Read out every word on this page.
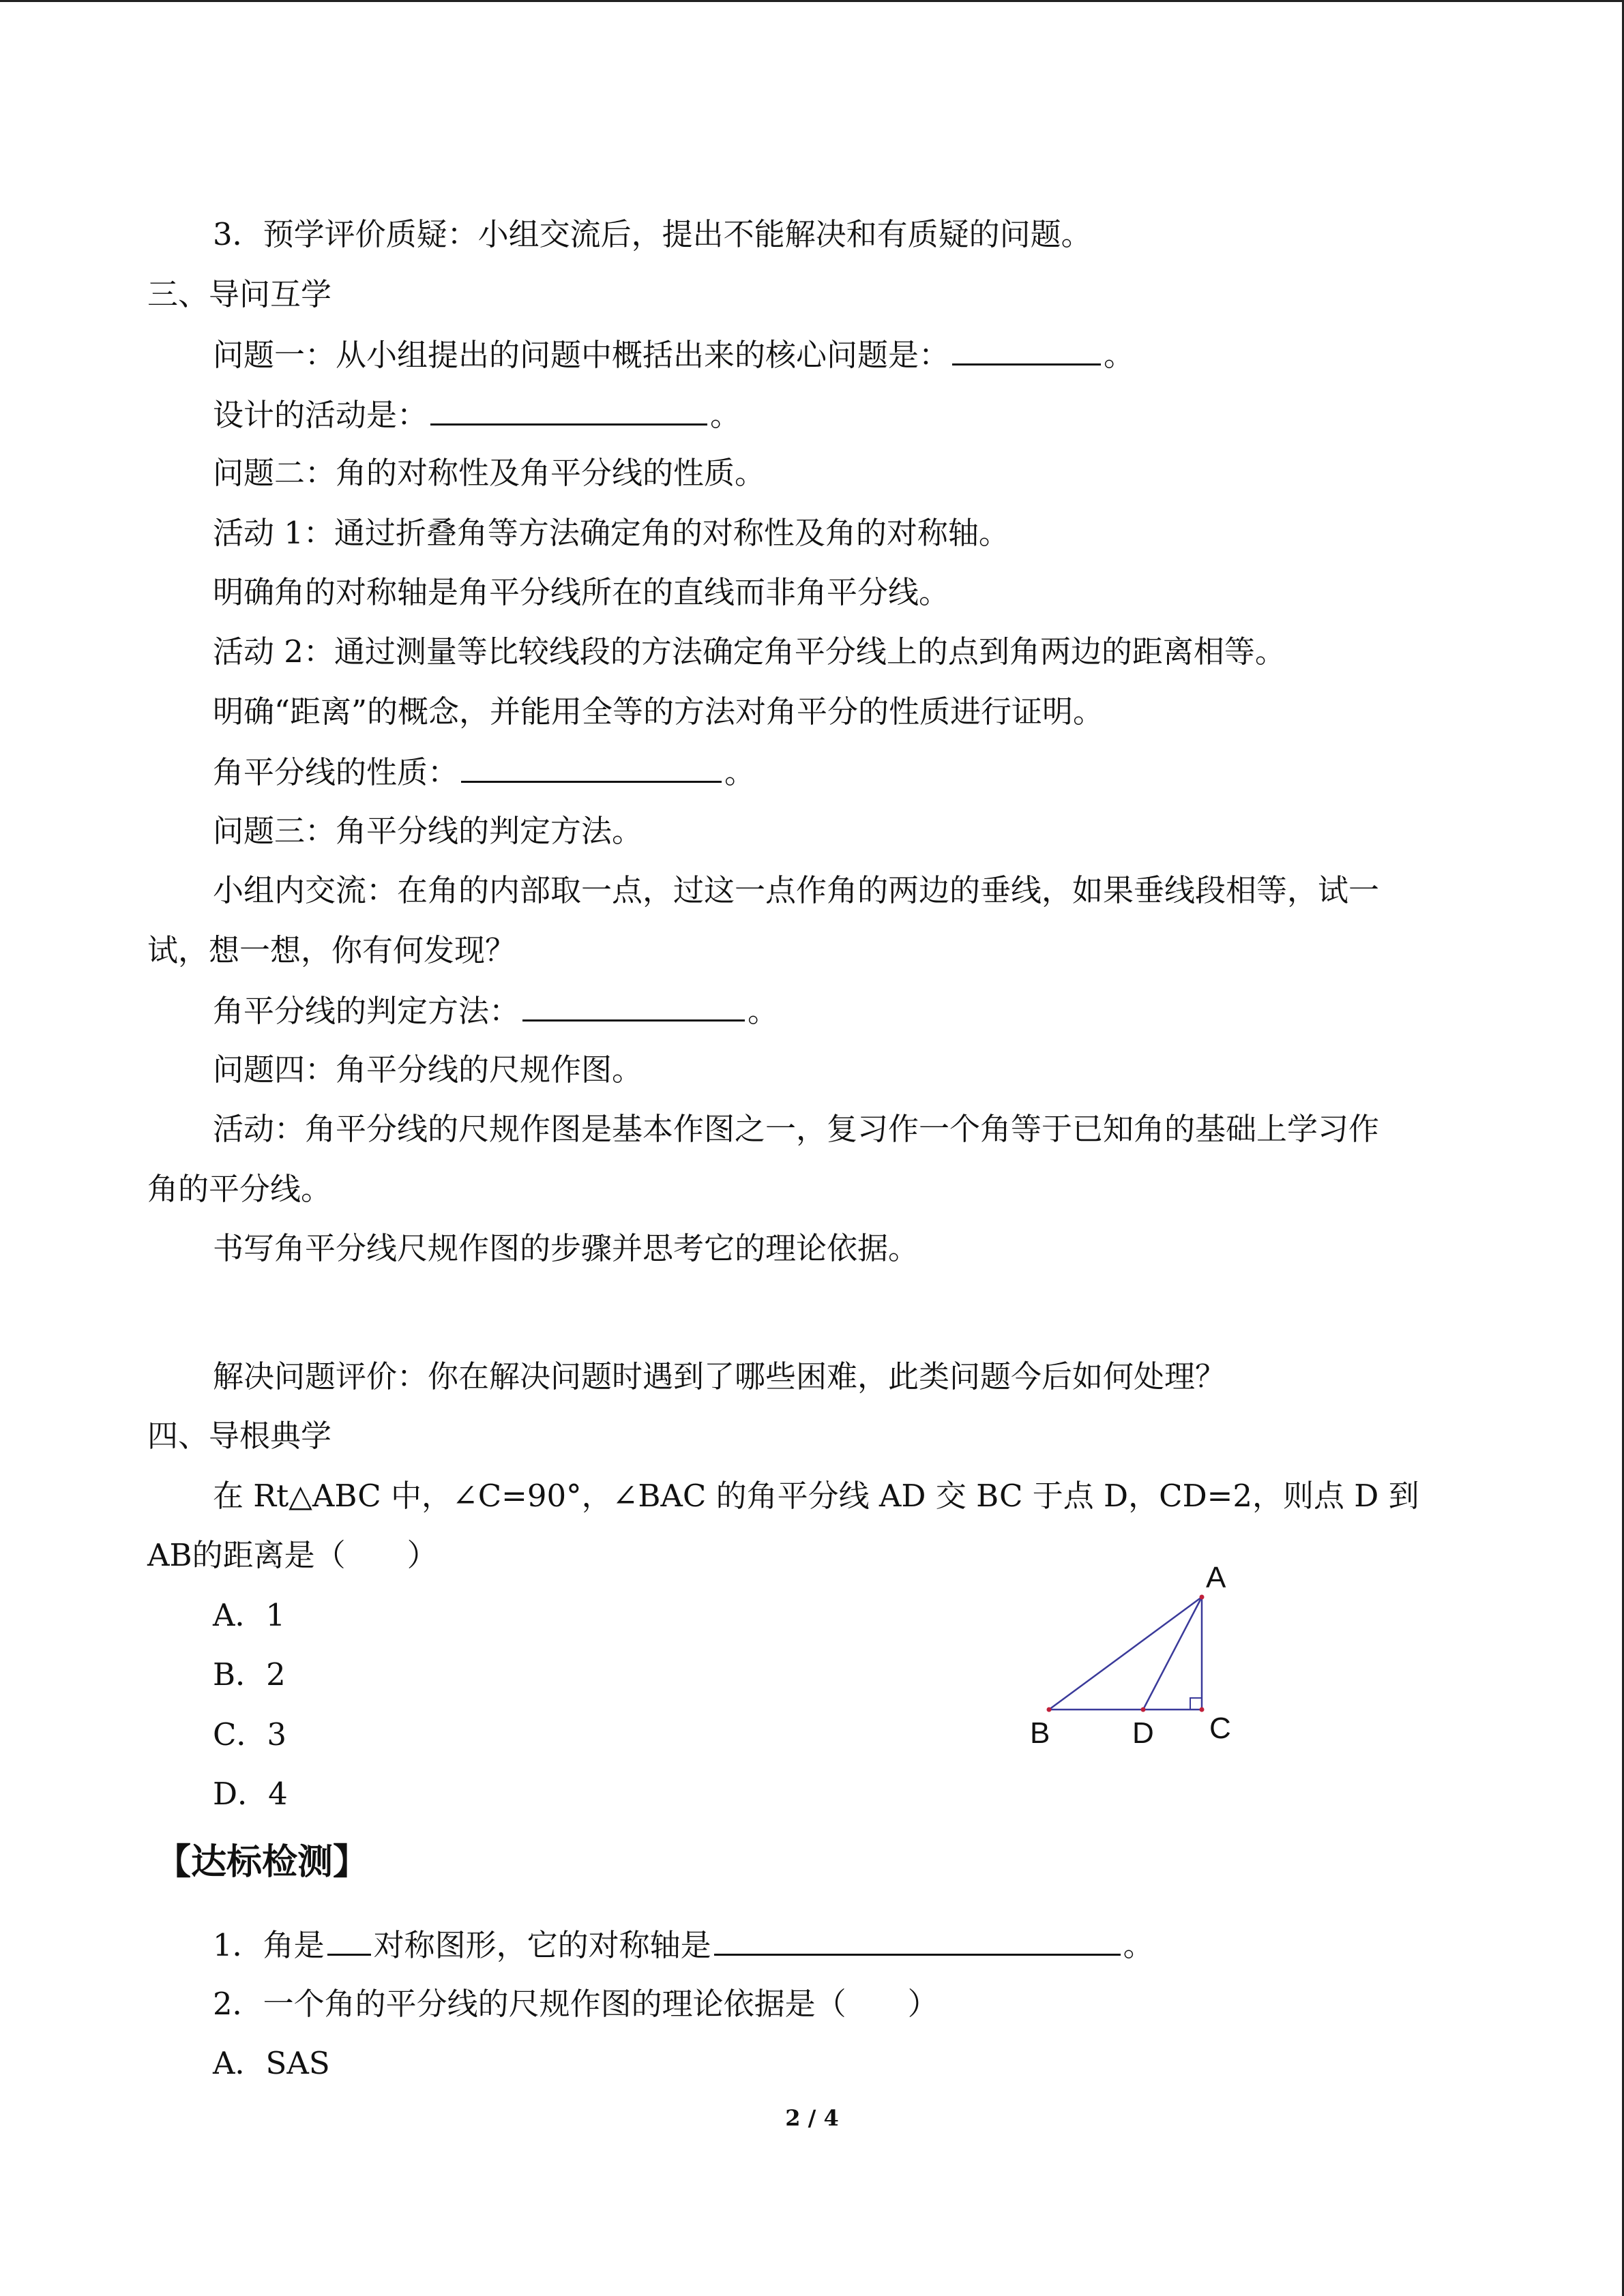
3．预学评价质疑：小组交流后，提出不能解决和有质疑的问题。
三、导问互学
问题一：从小组提出的问题中概括出来的核心问题是：	。
设计的活动是：	。
问题二：角的对称性及角平分线的性质。
活动 1：通过折叠角等方法确定角的对称性及角的对称轴。
明确角的对称轴是角平分线所在的直线而非角平分线。
活动 2：通过测量等比较线段的方法确定角平分线上的点到角两边的距离相等。
明确“距离”的概念，并能用全等的方法对角平分的性质进行证明。
角平分线的性质：	。
问题三：角平分线的判定方法。
小组内交流：在角的内部取一点，过这一点作角的两边的垂线，如果垂线段相等，试一
试，想一想，你有何发现？
角平分线的判定方法：	。
问题四：角平分线的尺规作图。
活动：角平分线的尺规作图是基本作图之一，复习作一个角等于已知角的基础上学习作
角的平分线。
书写角平分线尺规作图的步骤并思考它的理论依据。
解决问题评价：你在解决问题时遇到了哪些困难，此类问题今后如何处理？
四、导根典学
在 Rt△ABC 中，∠C=90°，∠BAC 的角平分线 AD 交 BC 于点 D，CD=2，则点 D 到
AB的距离是（　　）
A．1
B．2
C．3
D．4
A
B	D C
【达标检测】
1．角是 对称图形，它的对称轴是	。
2．一个角的平分线的尺规作图的理论依据是（　　）
A．SAS
2 / 4
